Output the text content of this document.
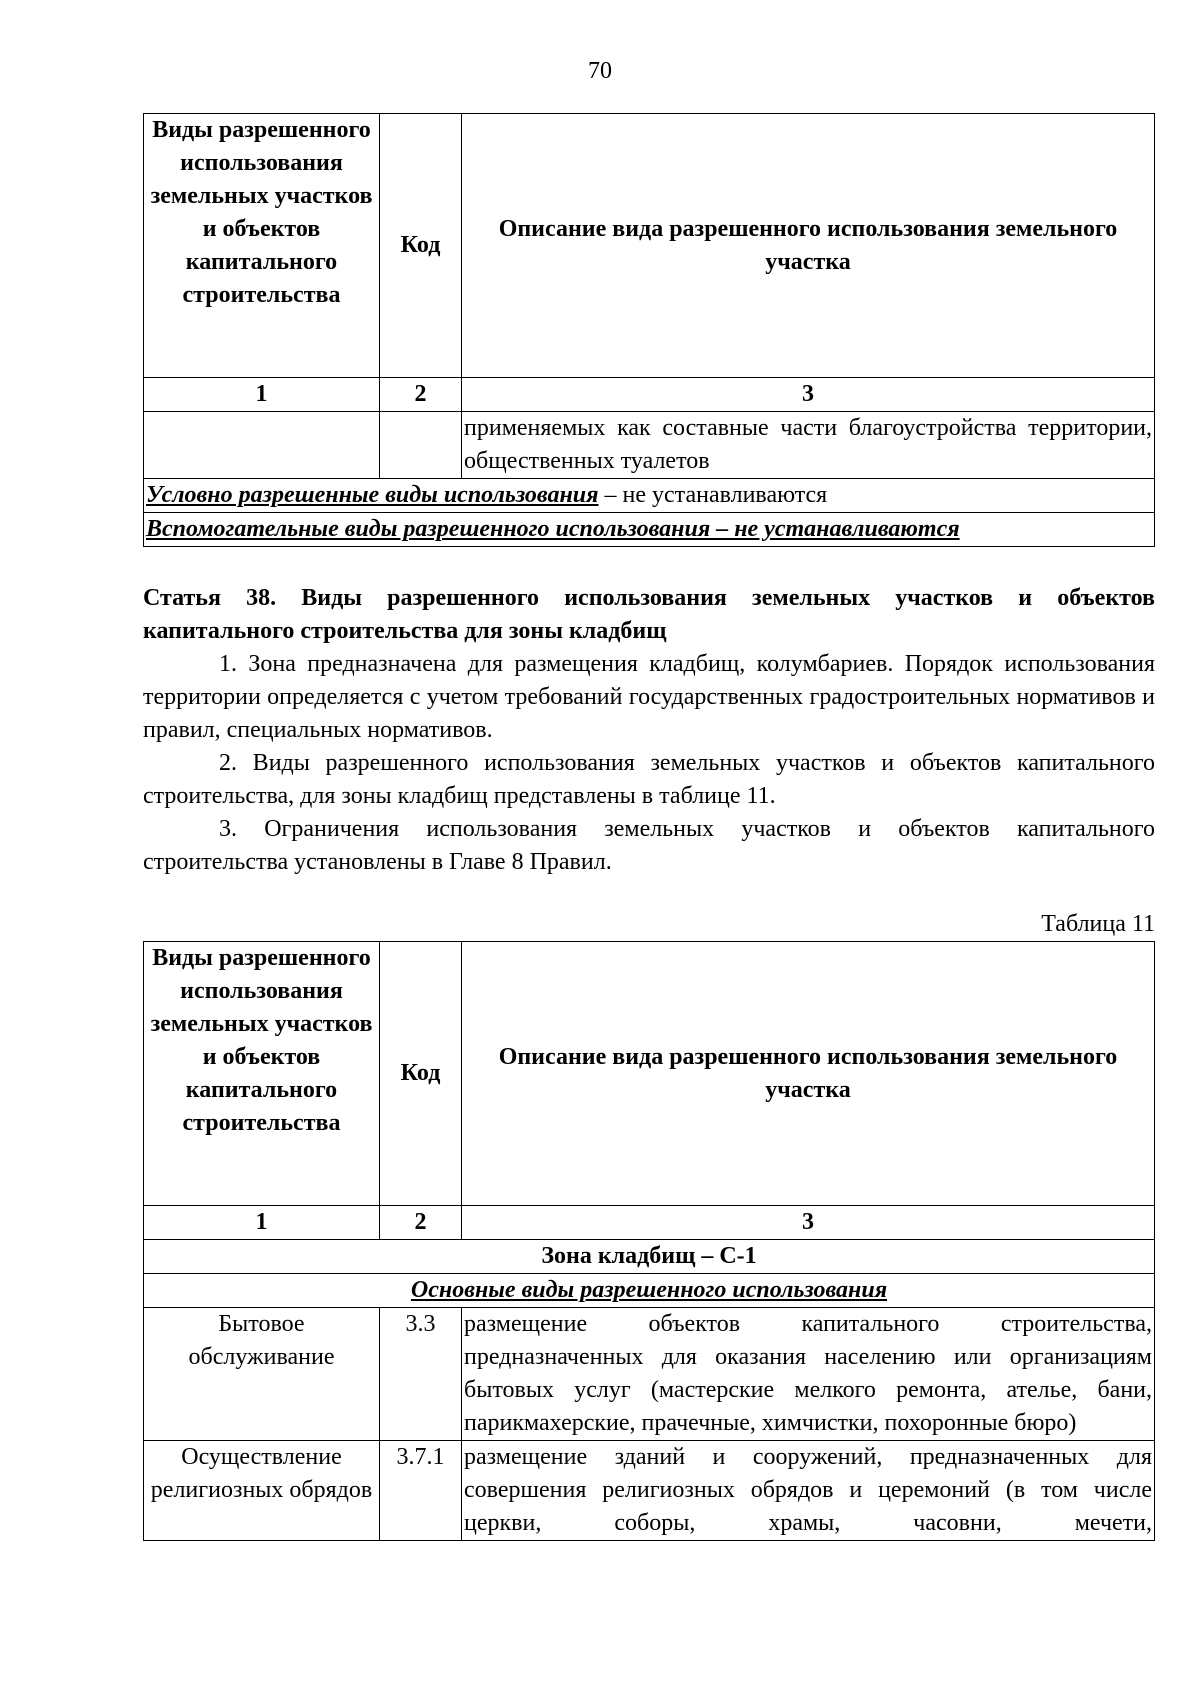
70
Виды разрешенного использования земельных участков и объектов капитального строительства	Код	Описание вида разрешенного использования земельного участка
1	2	3
		применяемых как составные части благоустройства территории, общественных туалетов
Условно разрешенные виды использования – не устанавливаются		
Вспомогательные виды разрешенного использования – не устанавливаются		
Статья 38. Виды разрешенного использования земельных участков и объектов капитального строительства для зоны кладбищ

1. Зона предназначена для размещения кладбищ, колумбариев. Порядок использования территории определяется с учетом требований государственных градостроительных нормативов и правил, специальных нормативов.

2. Виды разрешенного использования земельных участков и объектов капитального строительства, для зоны кладбищ представлены в таблице 11.

3. Ограничения использования земельных участков и объектов капитального строительства установлены в Главе 8 Правил.

Таблица 11
Виды разрешенного использования земельных участков и объектов капитального строительства	Код	Описание вида разрешенного использования земельного участка
1	2	3
Зона кладбищ – С-1		
Основные виды разрешенного использования		
Бытовое обслуживание	3.3	размещение объектов капитального строительства, предназначенных для оказания населению или организациям бытовых услуг (мастерские мелкого ремонта, ателье, бани, парикмахерские, прачечные, химчистки, похоронные бюро)
Осуществление религиозных обрядов	3.7.1	размещение зданий и сооружений, предназначенных для совершения религиозных обрядов и церемоний (в том числе церкви, соборы, храмы, часовни, мечети,
